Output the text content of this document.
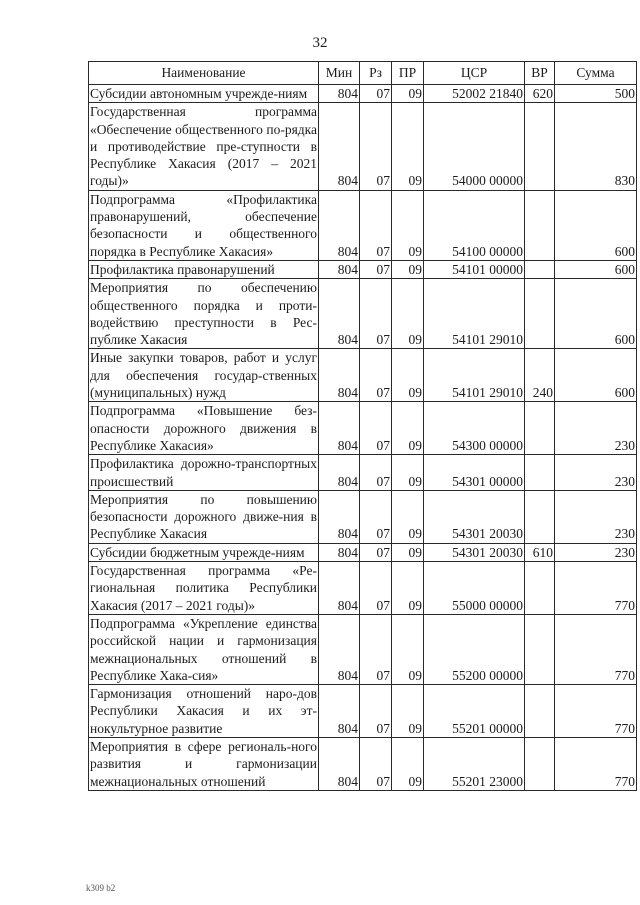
32
Наименование	Мин	Рз	ПР	ЦСР	ВР	Сумма
Субсидии автономным учрежде-ниям	804	07	09	52002 21840	620	500
Государственная программа «Обеспечение общественного по-рядка и противодействие пре-ступности в Республике Хакасия (2017 – 2021 годы)»	804	07	09	54000 00000		830
Подпрограмма «Профилактика правонарушений, обеспечение безопасности и общественного порядка в Республике Хакасия»	804	07	09	54100 00000		600
Профилактика правонарушений	804	07	09	54101 00000		600
Мероприятия по обеспечению общественного порядка и проти-водействию преступности в Рес-публике Хакасия	804	07	09	54101 29010		600
Иные закупки товаров, работ и услуг для обеспечения государ-ственных (муниципальных) нужд	804	07	09	54101 29010	240	600
Подпрограмма «Повышение без-опасности дорожного движения в Республике Хакасия»	804	07	09	54300 00000		230
Профилактика дорожно-транспортных происшествий	804	07	09	54301 00000		230
Мероприятия по повышению безопасности дорожного движе-ния в Республике Хакасия	804	07	09	54301 20030		230
Субсидии бюджетным учрежде-ниям	804	07	09	54301 20030	610	230
Государственная программа «Ре-гиональная политика Республики Хакасия (2017 – 2021 годы)»	804	07	09	55000 00000		770
Подпрограмма «Укрепление единства российской нации и гармонизация межнациональных отношений в Республике Хака-сия»	804	07	09	55200 00000		770
Гармонизация отношений наро-дов Республики Хакасия и их эт-нокультурное развитие	804	07	09	55201 00000		770
Мероприятия в сфере региональ-ного развития и гармонизации межнациональных отношений	804	07	09	55201 23000		770
k309 b2
